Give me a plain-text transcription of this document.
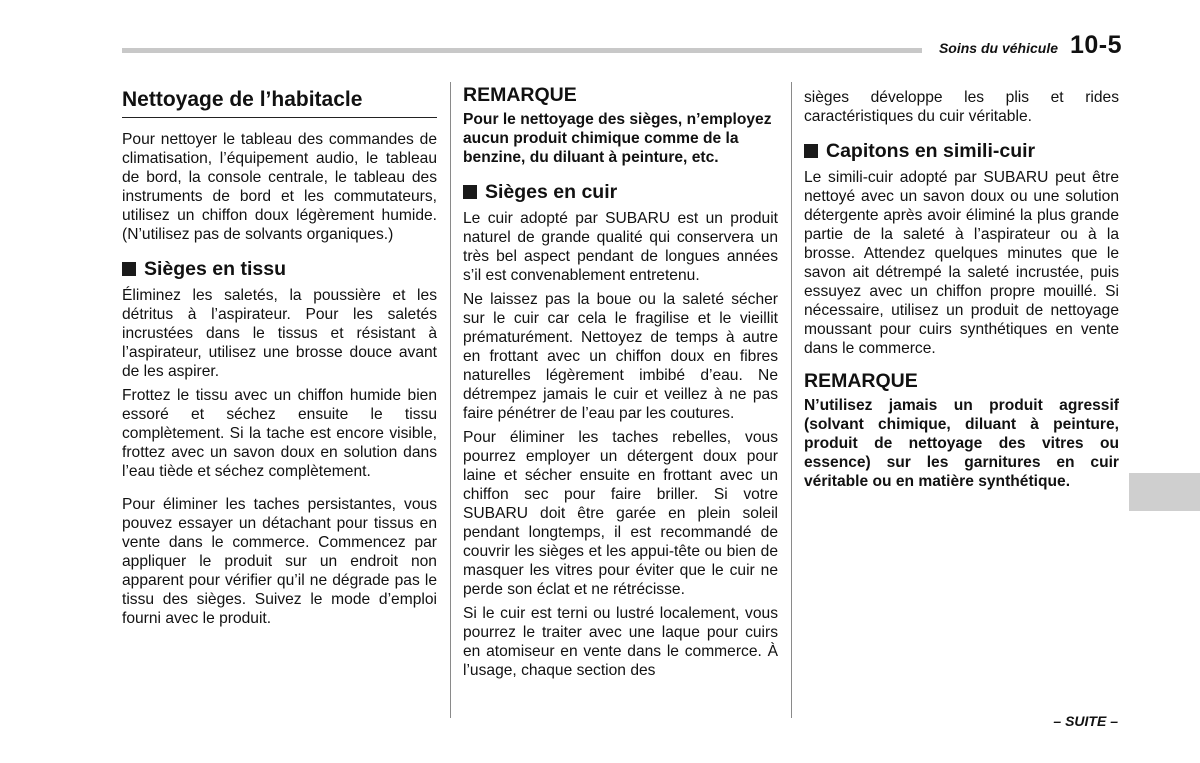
Soins du véhicule 10-5
Nettoyage de l’habitacle

Pour nettoyer le tableau des commandes de climatisation, l’équipement audio, le tableau de bord, la console centrale, le tableau des instruments de bord et les commutateurs, utilisez un chiffon doux légèrement humide. (N’utilisez pas de solvants organiques.)

Sièges en tissu

Éliminez les saletés, la poussière et les détritus à l’aspirateur. Pour les saletés incrustées dans le tissus et résistant à l’aspirateur, utilisez une brosse douce avant de les aspirer.

Frottez le tissu avec un chiffon humide bien essoré et séchez ensuite le tissu complètement. Si la tache est encore visible, frottez avec un savon doux en solution dans l’eau tiède et séchez complètement.

Pour éliminer les taches persistantes, vous pouvez essayer un détachant pour tissus en vente dans le commerce. Commencez par appliquer le produit sur un endroit non apparent pour vérifier qu’il ne dégrade pas le tissu des sièges. Suivez le mode d’emploi fourni avec le produit.

REMARQUE

Pour le nettoyage des sièges, n’employez aucun produit chimique comme de la benzine, du diluant à peinture, etc.

Sièges en cuir

Le cuir adopté par SUBARU est un produit naturel de grande qualité qui conservera un très bel aspect pendant de longues années s’il est convenablement entretenu.

Ne laissez pas la boue ou la saleté sécher sur le cuir car cela le fragilise et le vieillit prématurément. Nettoyez de temps à autre en frottant avec un chiffon doux en fibres naturelles légèrement imbibé d’eau. Ne détrempez jamais le cuir et veillez à ne pas faire pénétrer de l’eau par les coutures.

Pour éliminer les taches rebelles, vous pourrez employer un détergent doux pour laine et sécher ensuite en frottant avec un chiffon sec pour faire briller. Si votre SUBARU doit être garée en plein soleil pendant longtemps, il est recommandé de couvrir les sièges et les appui-tête ou bien de masquer les vitres pour éviter que le cuir ne perde son éclat et ne rétrécisse.

Si le cuir est terni ou lustré localement, vous pourrez le traiter avec une laque pour cuirs en atomiseur en vente dans le commerce. À l’usage, chaque section des

sièges développe les plis et rides caractéristiques du cuir véritable.

Capitons en simili-cuir

Le simili-cuir adopté par SUBARU peut être nettoyé avec un savon doux ou une solution détergente après avoir éliminé la plus grande partie de la saleté à l’aspirateur ou à la brosse. Attendez quelques minutes que le savon ait détrempé la saleté incrustée, puis essuyez avec un chiffon propre mouillé. Si nécessaire, utilisez un produit de nettoyage moussant pour cuirs synthétiques en vente dans le commerce.

REMARQUE

N’utilisez jamais un produit agressif (solvant chimique, diluant à peinture, produit de nettoyage des vitres ou essence) sur les garnitures en cuir véritable ou en matière synthétique.

– SUITE –
